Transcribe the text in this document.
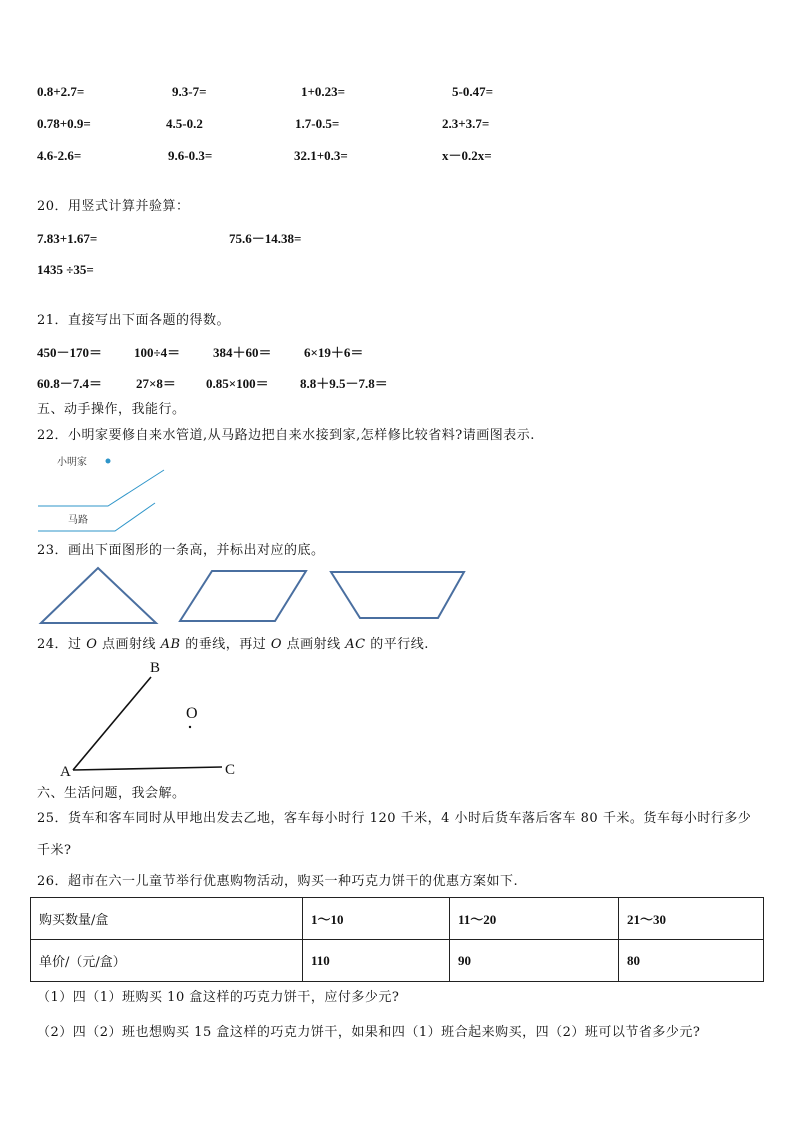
0.8+2.7=	9.3-7=	1+0.23=	5-0.47=
0.78+0.9=	4.5-0.2	1.7-0.5=	2.3+3.7=
4.6-2.6=	9.6-0.3=	32.1+0.3=	x－0.2x=
20．用竖式计算并验算：
7.83+1.67=	75.6－14.38=
1435 ÷35=
21．直接写出下面各题的得数。
450－170＝ 100÷4＝	384＋60＝ 6×19＋6＝
60.8－7.4＝	27×8＝ 0.85×100＝ 8.8＋9.5－7.8＝
五、动手操作，我能行。
22．小明家要修自来水管道,从马路边把自来水接到家,怎样修比较省料?请画图表示.
小明家
马路
23．画出下面图形的一条高，并标出对应的底。
24．过 O 点画射线 AB 的垂线，再过 O 点画射线 AC 的平行线.
B
O
A	C
六、生活问题，我会解。
25．货车和客车同时从甲地出发去乙地，客车每小时行 120 千米，4 小时后货车落后客车 80 千米。货车每小时行多少
千米?
26．超市在六一儿童节举行优惠购物活动，购买一种巧克力饼干的优惠方案如下.
购买数量/盒	1～10	11～20	21～30
单价/（元/盒）	110	90	80
（1）四（1）班购买 10 盒这样的巧克力饼干，应付多少元?
（2）四（2）班也想购买 15 盒这样的巧克力饼干，如果和四（1）班合起来购买，四（2）班可以节省多少元?
